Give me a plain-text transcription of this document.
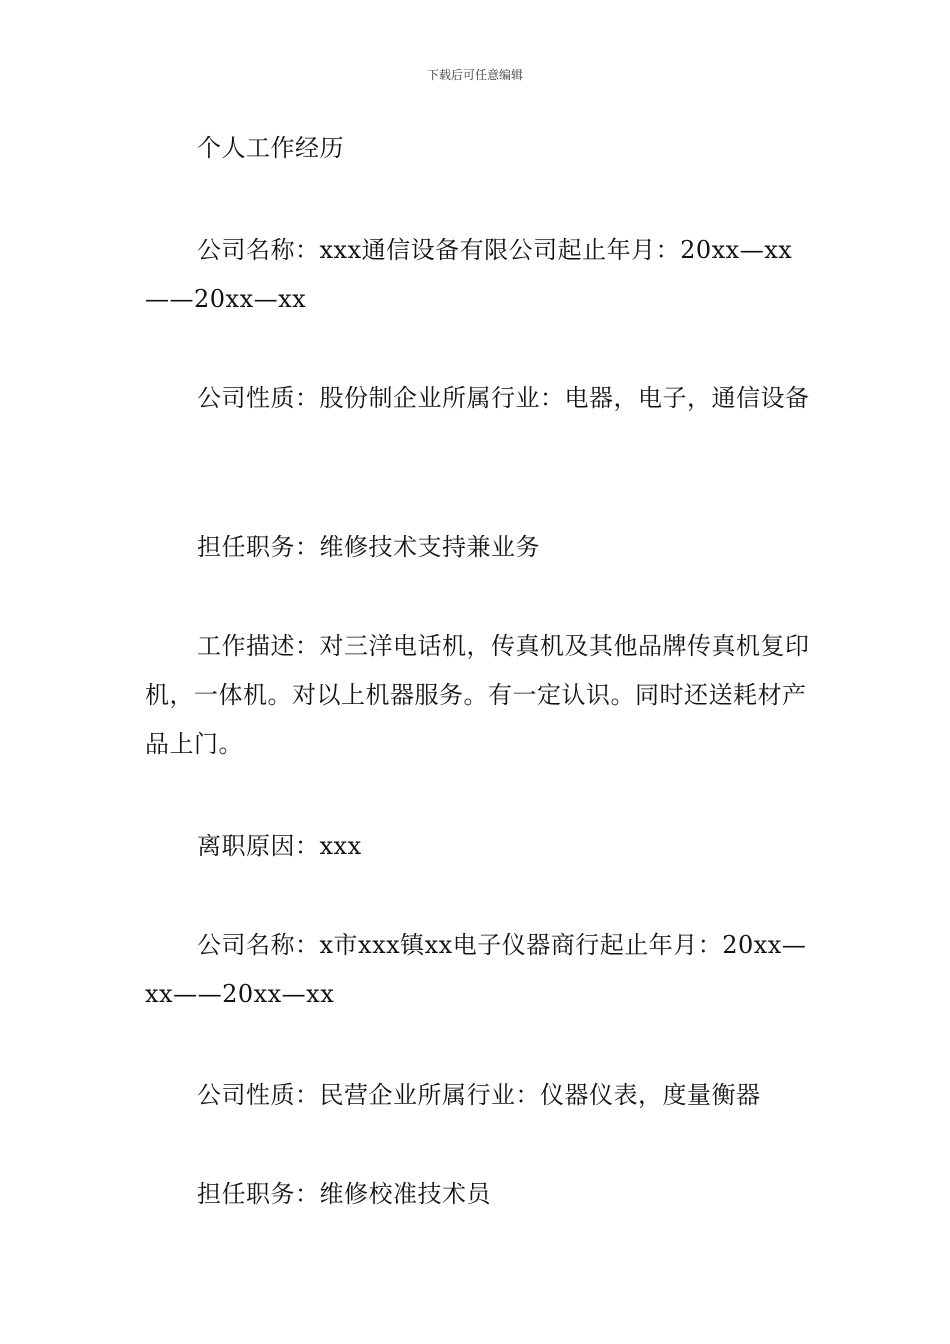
下载后可任意编辑

个人工作经历

公司名称：xxx通信设备有限公司起止年月：20xx—xx——20xx—xx

公司性质：股份制企业所属行业：电器，电子，通信设备

担任职务：维修技术支持兼业务

工作描述：对三洋电话机，传真机及其他品牌传真机复印机，一体机。对以上机器服务。有一定认识。同时还送耗材产品上门。

离职原因：xxx

公司名称：x市xxx镇xx电子仪器商行起止年月：20xx—xx——20xx—xx

公司性质：民营企业所属行业：仪器仪表，度量衡器

担任职务：维修校准技术员
